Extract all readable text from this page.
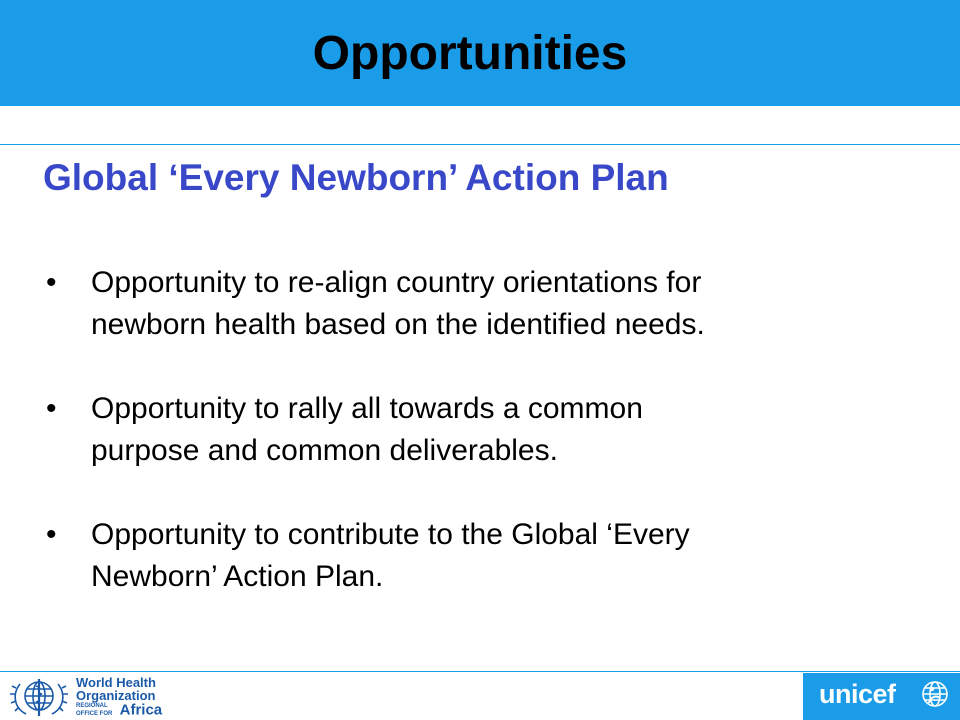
Opportunities
Global ‘Every Newborn’ Action Plan
• Opportunity to re-align country orientations for
newborn health based on the identified needs.
• Opportunity to rally all towards a common
purpose and common deliverables.
• Opportunity to contribute to the Global ‘Every
Newborn’ Action Plan.
World Health
Organization
REGIONAL OFFICE FOR Africa
unicef
